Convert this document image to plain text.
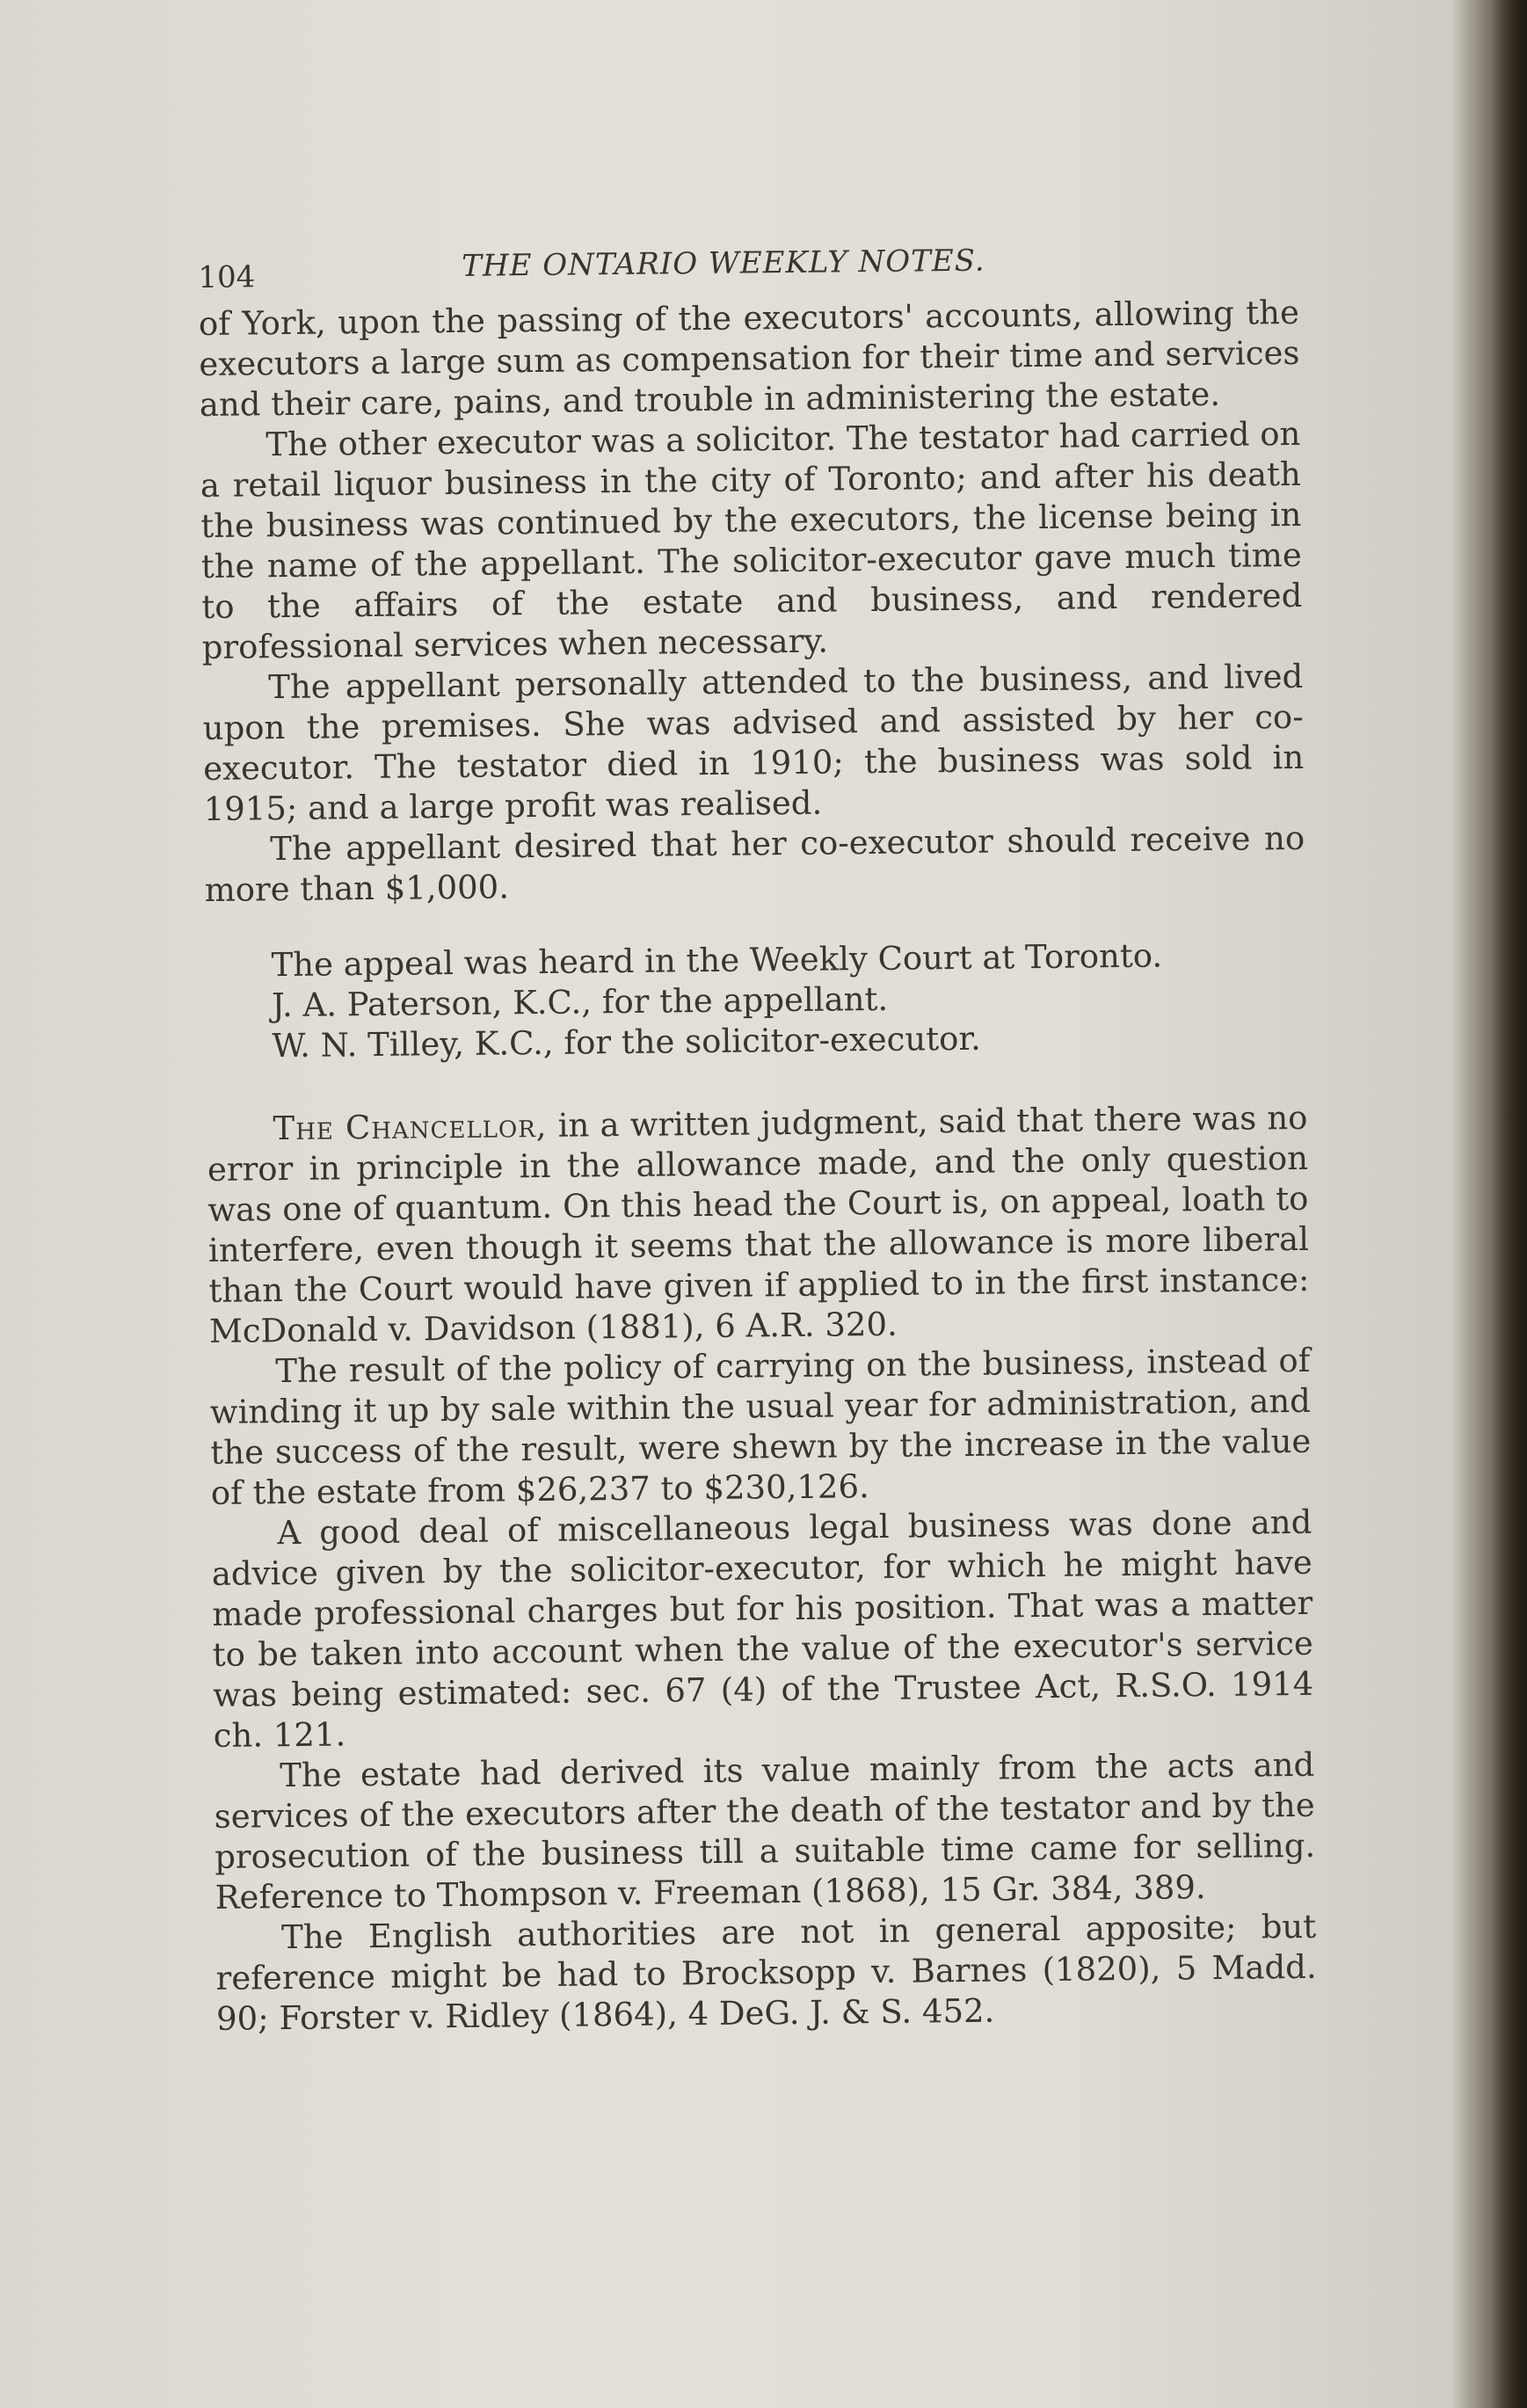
104	THE ONTARIO WEEKLY NOTES.

of York, upon the passing of the executors' accounts, allowing the executors a large sum as compensation for their time and services and their care, pains, and trouble in administering the estate.

The other executor was a solicitor. The testator had carried on a retail liquor business in the city of Toronto; and after his death the business was continued by the executors, the license being in the name of the appellant. The solicitor-executor gave much time to the affairs of the estate and business, and rendered professional services when necessary.

The appellant personally attended to the business, and lived upon the premises. She was advised and assisted by her co-executor. The testator died in 1910; the business was sold in 1915; and a large profit was realised.

The appellant desired that her co-executor should receive no more than $1,000.

The appeal was heard in the Weekly Court at Toronto.

J. A. Paterson, K.C., for the appellant.

W. N. Tilley, K.C., for the solicitor-executor.

The Chancellor, in a written judgment, said that there was no error in principle in the allowance made, and the only question was one of quantum. On this head the Court is, on appeal, loath to interfere, even though it seems that the allowance is more liberal than the Court would have given if applied to in the first instance: McDonald v. Davidson (1881), 6 A.R. 320.

The result of the policy of carrying on the business, instead of winding it up by sale within the usual year for administration, and the success of the result, were shewn by the increase in the value of the estate from $26,237 to $230,126.

A good deal of miscellaneous legal business was done and advice given by the solicitor-executor, for which he might have made professional charges but for his position. That was a matter to be taken into account when the value of the executor's service was being estimated: sec. 67 (4) of the Trustee Act, R.S.O. 1914 ch. 121.

The estate had derived its value mainly from the acts and services of the executors after the death of the testator and by the prosecution of the business till a suitable time came for selling. Reference to Thompson v. Freeman (1868), 15 Gr. 384, 389.

The English authorities are not in general apposite; but reference might be had to Brocksopp v. Barnes (1820), 5 Madd. 90; Forster v. Ridley (1864), 4 DeG. J. & S. 452.
